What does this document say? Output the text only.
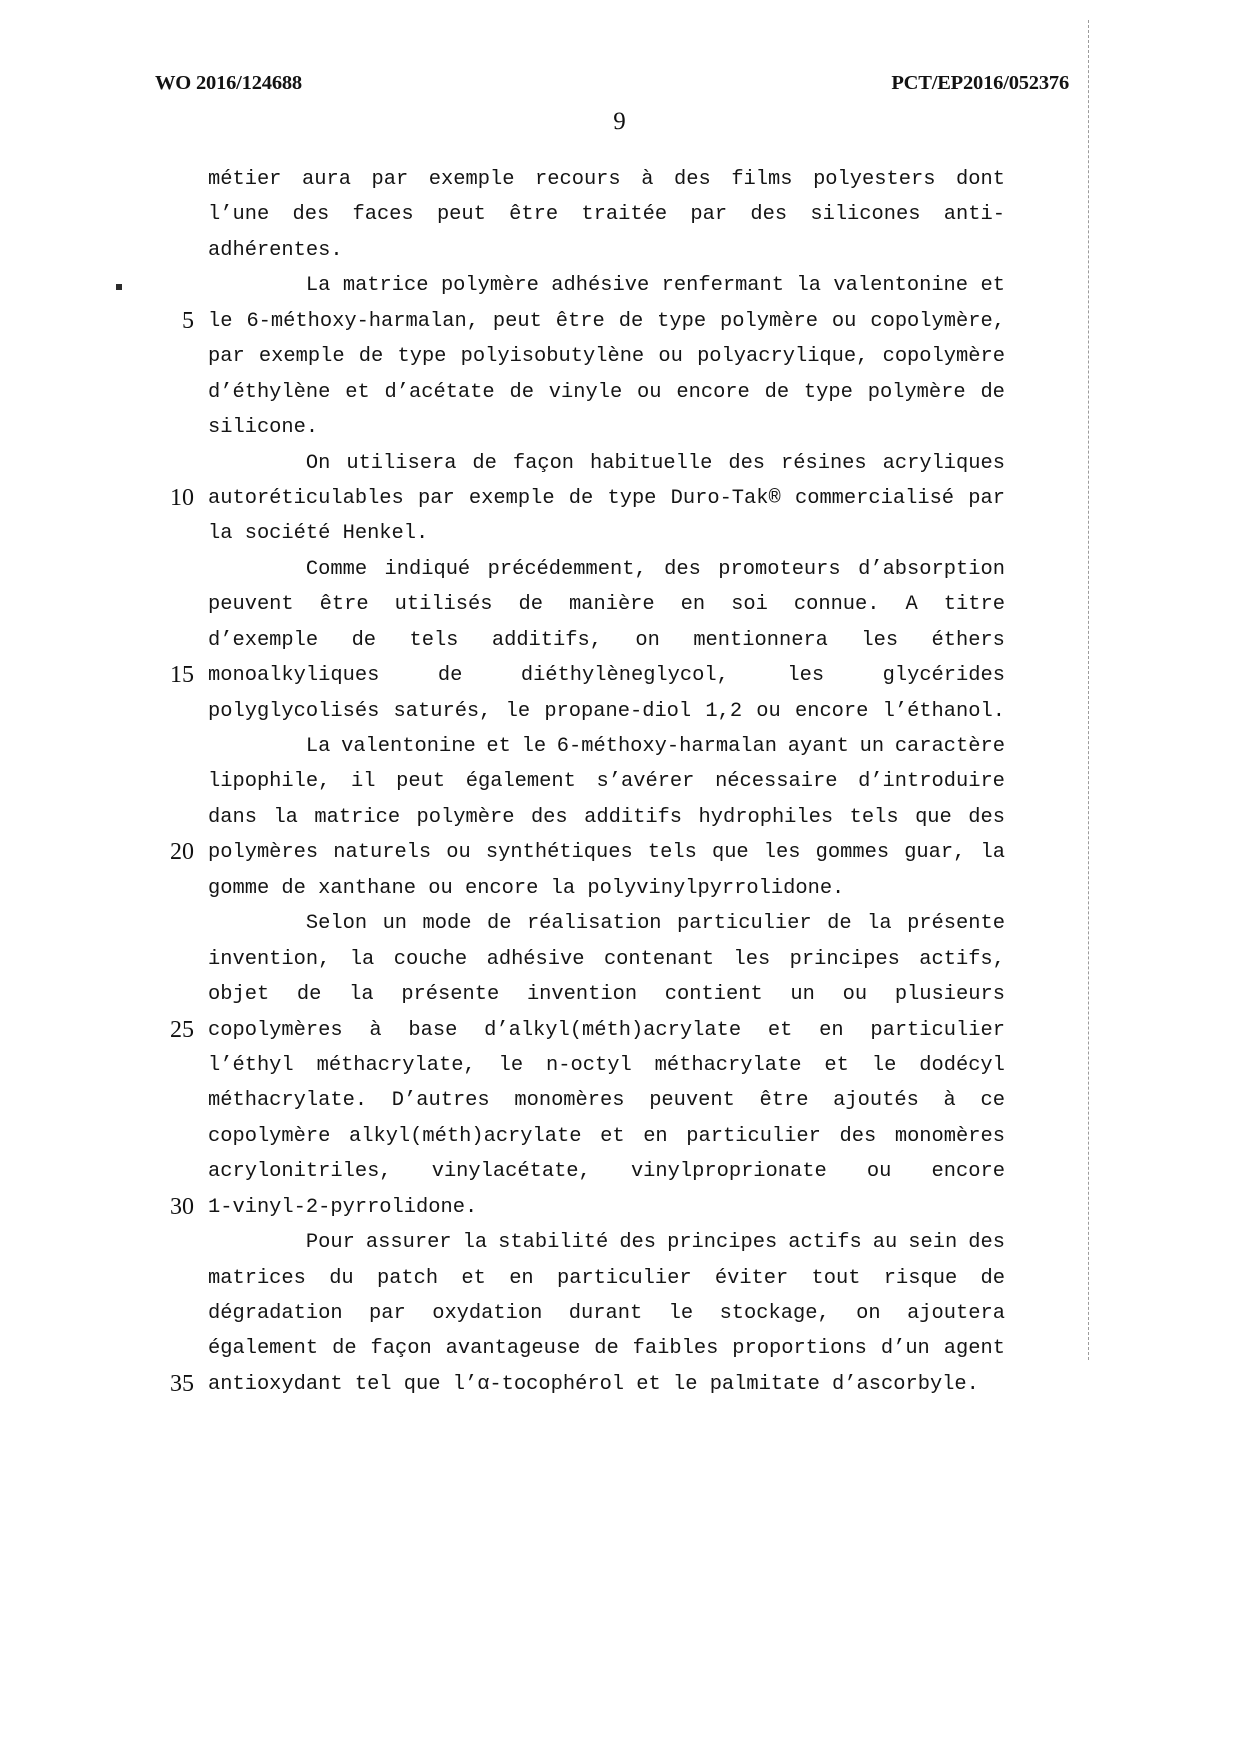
WO 2016/124688	PCT/EP2016/052376
9
métier aura par exemple recours à des films polyesters dont
l’une des faces peut être traitée par des silicones anti-
adhérentes.
La matrice polymère adhésive renfermant la valentonine et
5 le 6-méthoxy-harmalan, peut être de type polymère ou copolymère,
par exemple de type polyisobutylène ou polyacrylique, copolymère
d’éthylène et d’acétate de vinyle ou encore de type polymère de
silicone.
On utilisera de façon habituelle des résines acryliques
10 autoréticulables par exemple de type Duro-Tak® commercialisé par
la société Henkel.
Comme indiqué précédemment, des promoteurs d’absorption
peuvent être utilisés de manière en soi connue. A titre
d’exemple de tels additifs, on mentionnera les éthers
15 monoalkyliques	de	diéthylèneglycol,	les	glycérides
polyglycolisés saturés, le propane-diol 1,2 ou encore l’éthanol.
La valentonine et le 6-méthoxy-harmalan ayant un caractère
lipophile, il peut également s’avérer nécessaire d’introduire
dans la matrice polymère des additifs hydrophiles tels que des
20 polymères naturels ou synthétiques tels que les gommes guar, la
gomme de xanthane ou encore la polyvinylpyrrolidone.
Selon un mode de réalisation particulier de la présente
invention, la couche adhésive contenant les principes actifs,
objet de la présente invention contient un ou plusieurs
25 copolymères à base d’alkyl(méth)acrylate et en particulier
l’éthyl méthacrylate, le n-octyl méthacrylate et le dodécyl
méthacrylate. D’autres monomères peuvent être ajoutés à ce
copolymère alkyl(méth)acrylate et en particulier des monomères
acrylonitriles, vinylacétate, vinylproprionate ou encore
30 1-vinyl-2-pyrrolidone.
Pour assurer la stabilité des principes actifs au sein des
matrices du patch et en particulier éviter tout risque de
dégradation par oxydation durant le stockage, on ajoutera
également de façon avantageuse de faibles proportions d’un agent
35 antioxydant tel que l’α-tocophérol et le palmitate d’ascorbyle.
